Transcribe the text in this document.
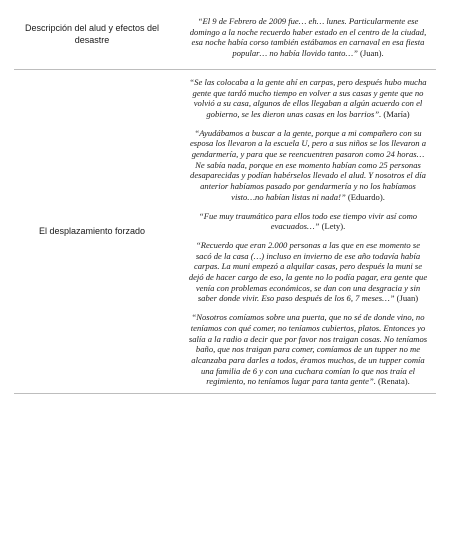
Descripción del alud y efectos del desastre

“El 9 de Febrero de 2009 fue… eh… lunes. Particularmente ese domingo a la noche recuerdo haber estado en el centro de la ciudad, esa noche había corso también estábamos en carnaval en esa fiesta popular… no había llovido tanto…” (Juan).

El desplazamiento forzado

“Se las colocaba a la gente ahí en carpas, pero después hubo mucha gente que tardó mucho tiempo en volver a sus casas y gente que no volvió a su casa, algunos de ellos llegaban a algún acuerdo con el gobierno, se les dieron unas casas en los barrios”. (María)

“Ayudábamos a buscar a la gente, porque a mi compañero con su esposa los llevaron a la escuela U, pero a sus niños se los llevaron a gendarmería, y para que se reencuentren pasaron como 24 horas… Ne sabía nada, porque en ese momento habían como 25 personas desaparecidas y podían habérselos llevado el alud. Y nosotros el día anterior habíamos pasado por gendarmería y no los habíamos visto…no habían listas ni nada!” (Eduardo).

“Fue muy traumático para ellos todo ese tiempo vivir así como evacuados…” (Lety).

“Recuerdo que eran 2.000 personas a las que en ese momento se sacó de la casa (…) incluso en invierno de ese año todavía había carpas. La muni empezó a alquilar casas, pero después la muni se dejó de hacer cargo de eso, la gente no lo podía pagar, era gente que venía con problemas económicos, se dan con una desgracia y sin saber donde vivir. Eso paso después de los 6, 7 meses…” (Juan)

“Nosotros comíamos sobre una puerta, que no sé de donde vino, no teníamos con qué comer, no teníamos cubiertos, platos. Entonces yo salía a la radio a decir que por favor nos traigan cosas. No teníamos baño, que nos traigan para comer, comíamos de un tupper no me alcanzaba para darles a todos, éramos muchos, de un tupper comía una familia de 6 y con una cuchara comían lo que nos traía el regimiento, no teníamos lugar para tanta gente”. (Renata).
